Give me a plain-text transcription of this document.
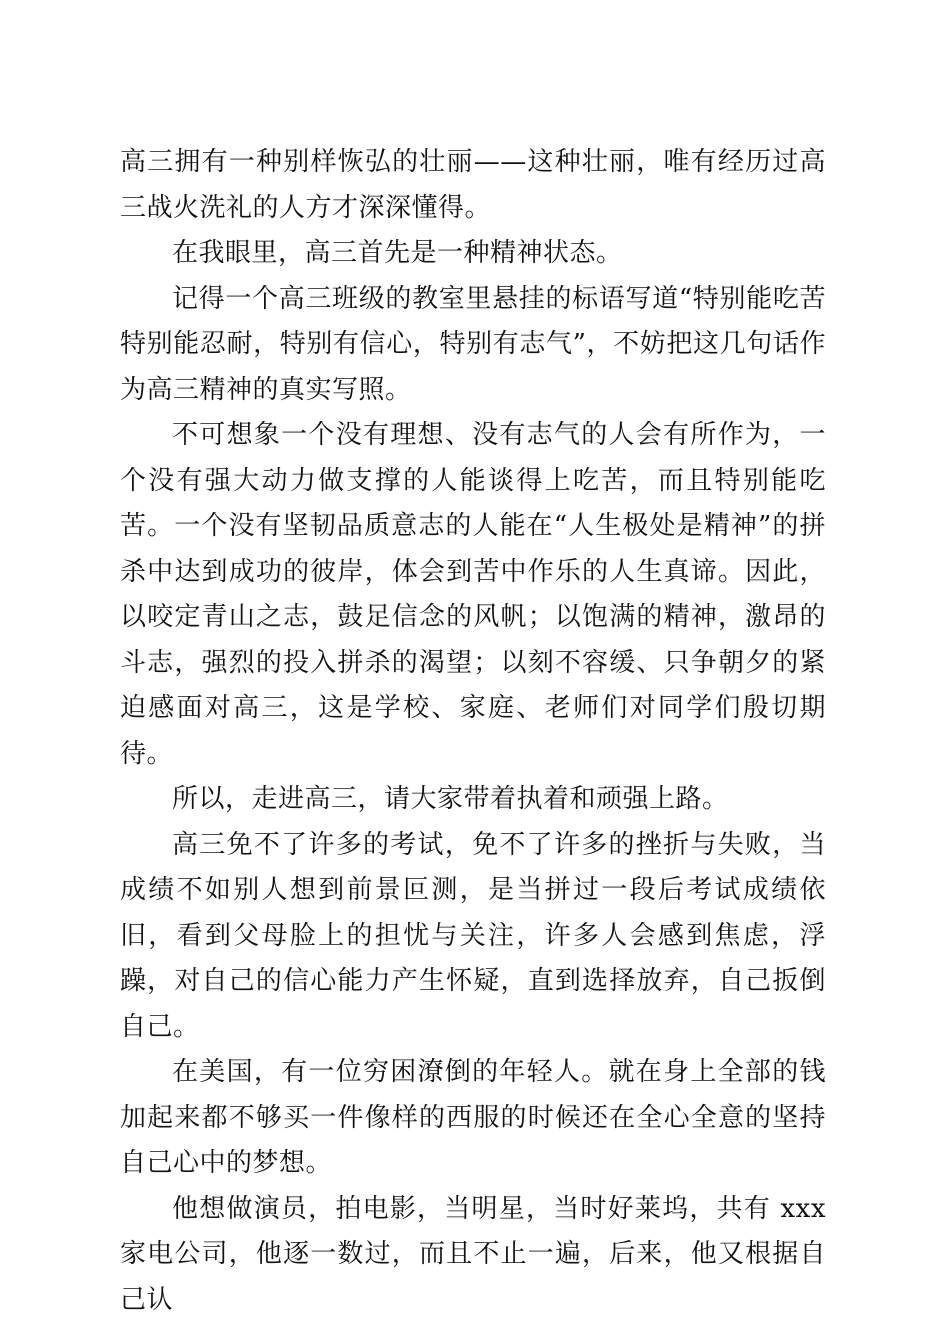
高三拥有一种别样恢弘的壮丽——这种壮丽，唯有经历过高三战火洗礼的人方才深深懂得。

在我眼里，高三首先是一种精神状态。

记得一个高三班级的教室里悬挂的标语写道“特别能吃苦特别能忍耐，特别有信心，特别有志气”，不妨把这几句话作为高三精神的真实写照。

不可想象一个没有理想、没有志气的人会有所作为，一个没有强大动力做支撑的人能谈得上吃苦，而且特别能吃苦。一个没有坚韧品质意志的人能在“人生极处是精神”的拼杀中达到成功的彼岸，体会到苦中作乐的人生真谛。因此，以咬定青山之志，鼓足信念的风帆；以饱满的精神，激昂的斗志，强烈的投入拼杀的渴望；以刻不容缓、只争朝夕的紧迫感面对高三，这是学校、家庭、老师们对同学们殷切期待。

所以，走进高三，请大家带着执着和顽强上路。

高三免不了许多的考试，免不了许多的挫折与失败，当成绩不如别人想到前景叵测，是当拼过一段后考试成绩依旧，看到父母脸上的担忧与关注，许多人会感到焦虑，浮躁，对自己的信心能力产生怀疑，直到选择放弃，自己扳倒自己。

在美国，有一位穷困潦倒的年轻人。就在身上全部的钱加起来都不够买一件像样的西服的时候还在全心全意的坚持自己心中的梦想。

他想做演员，拍电影，当明星，当时好莱坞，共有 xxx 家电公司，他逐一数过，而且不止一遍，后来，他又根据自己认
